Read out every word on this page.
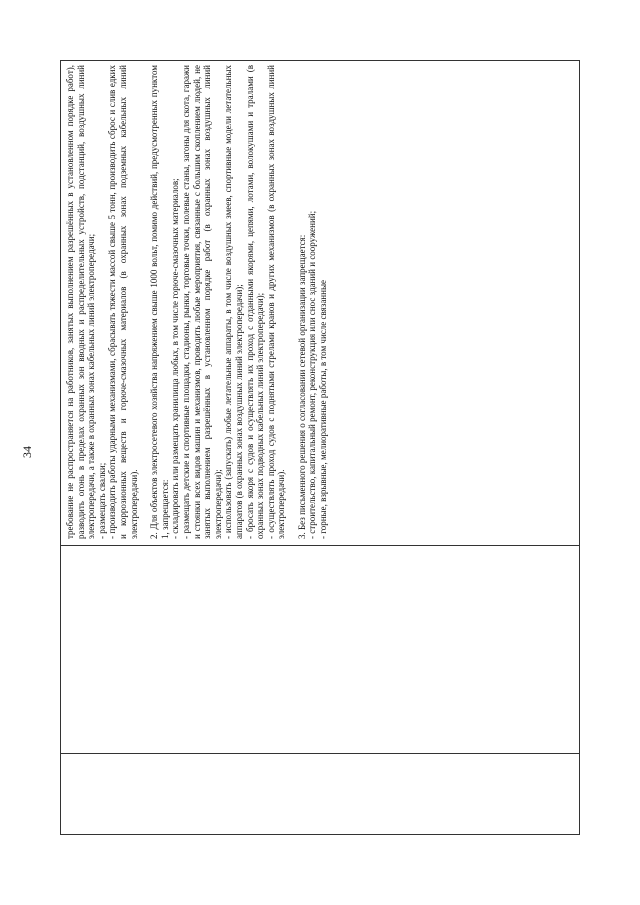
34	требование не распространяется на работников, занятых выполнением разрешённых в установленном порядке работ), разводить огонь в пределах охранных зон вводных и распределительных устройств, подстанций, воздушных линий электропередачи, а также в охранных зонах кабельных линий электропередачи; - размещать свалки; - производить работы ударными механизмами, сбрасывать тяжести массой свыше 5 тонн, производить сброс и слив едких и коррозионных веществ и горюче-смазочных материалов (в охранных зонах подземных кабельных линий электропередачи). 2. Для объектов электросетевого хозяйства напряжением свыше 1000 вольт, помимо действий, предусмотренных пунктом 1, запрещается: - складировать или размещать хранилища любых, в том числе горюче-смазочных материалов; - размещать детские и спортивные площадки, стадионы, рынки, торговые точки, полевые станы, загоны для скота, гаражи и стоянки всех видов машин и механизмов, проводить любые мероприятия, связанные с большим скоплением людей, не занятых выполнением разрешённых в установленном порядке работ (в охранных зонах воздушных линий электропередачи); - использовать (запускать) любые летательные аппараты, в том числе воздушных змеев, спортивные модели летательных аппаратов (в охранных зонах воздушных линий электропередачи); - бросать якоря с судов и осуществлять их проход с отданными якорями, цепями, лотами, волокушами и тралами (в охранных зонах подводных кабельных линий электропередачи); - осуществлять проход судов с поднятыми стрелами кранов и других механизмов (в охранных зонах воздушных линий электропередачи). 3. Без письменного решения о согласовании сетевой организации запрещается: - строительство, капитальный ремонт, реконструкция или снос зданий и сооружений; - горные, взрывные, мелиоративные работы, в том числе связанные
